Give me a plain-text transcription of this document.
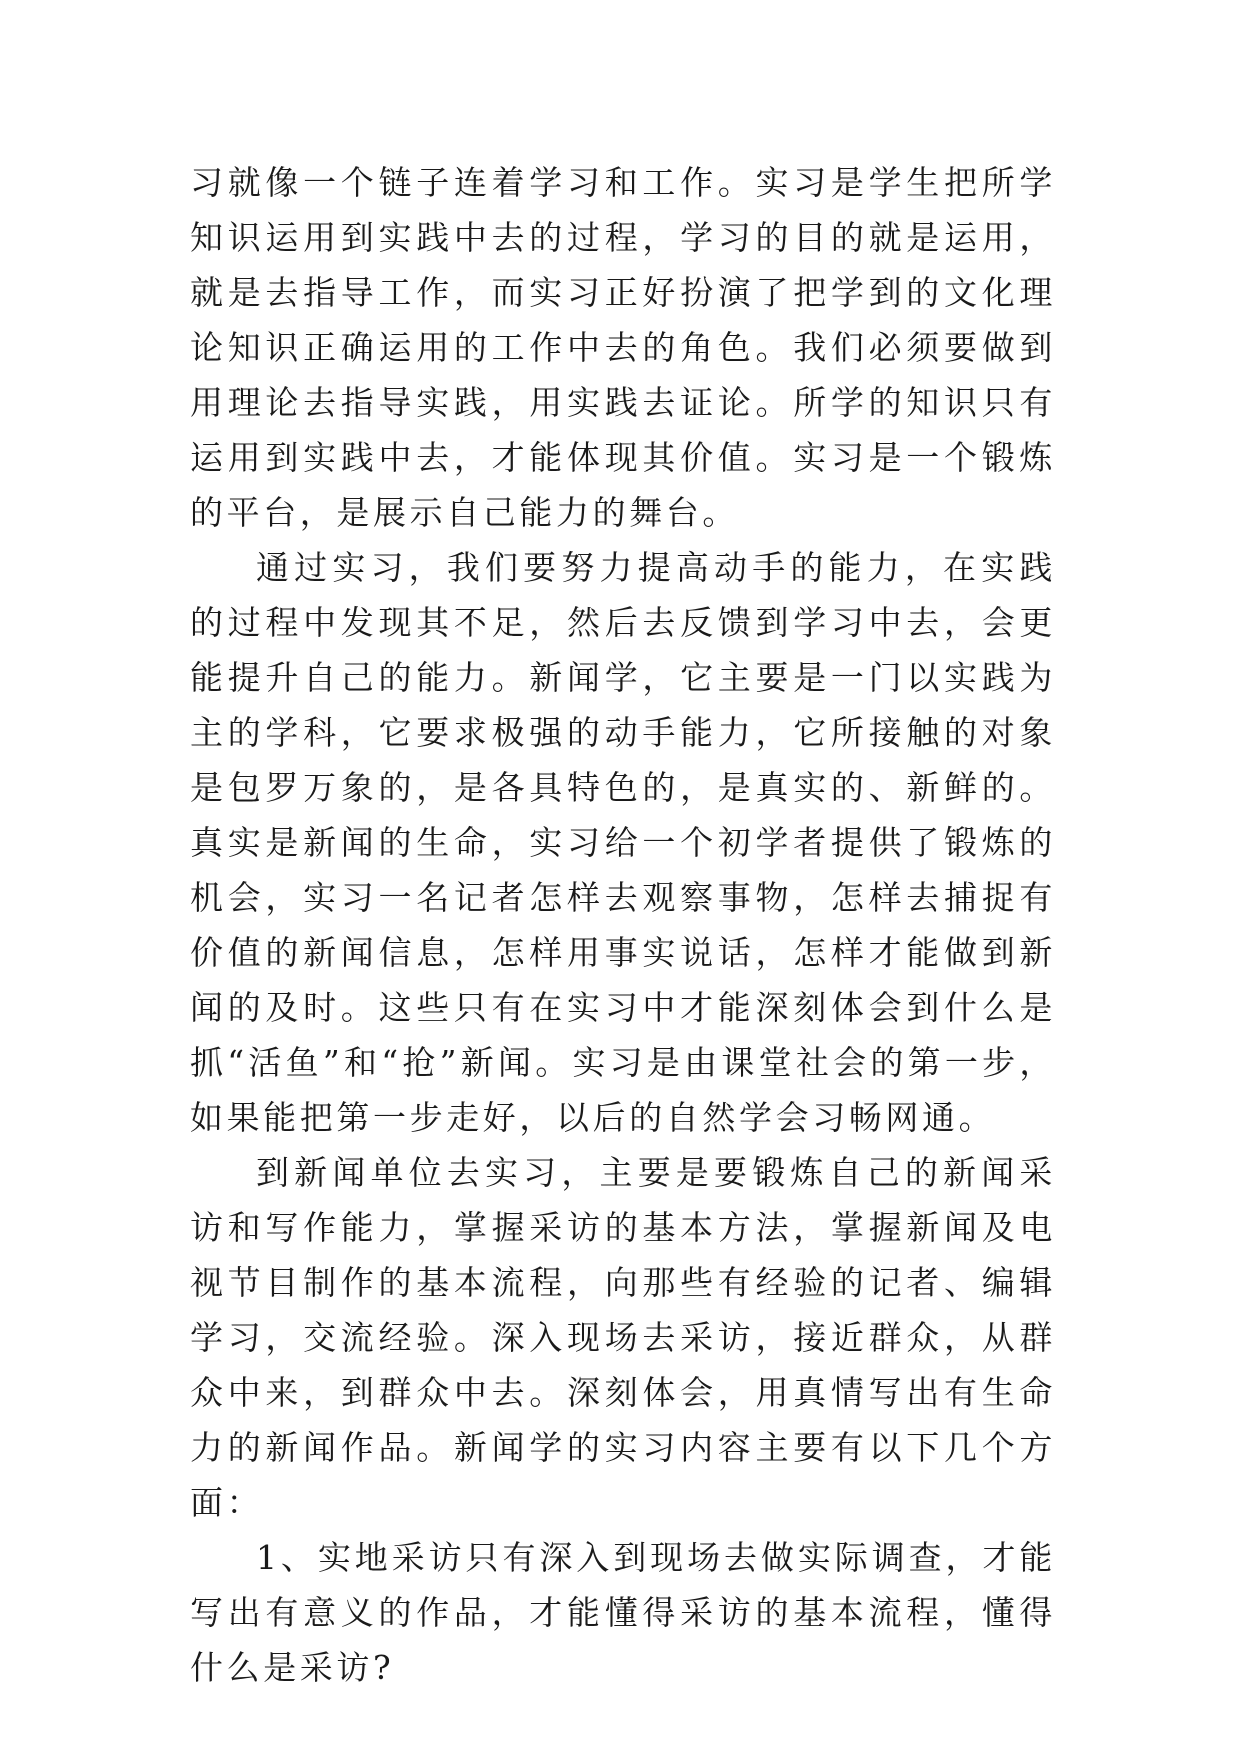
习就像一个链子连着学习和工作。实习是学生把所学知识运用到实践中去的过程，学习的目的就是运用，就是去指导工作，而实习正好扮演了把学到的文化理论知识正确运用的工作中去的角色。我们必须要做到用理论去指导实践，用实践去证论。所学的知识只有运用到实践中去，才能体现其价值。实习是一个锻炼的平台，是展示自己能力的舞台。

通过实习，我们要努力提高动手的能力，在实践的过程中发现其不足，然后去反馈到学习中去，会更能提升自己的能力。新闻学，它主要是一门以实践为主的学科，它要求极强的动手能力，它所接触的对象是包罗万象的，是各具特色的，是真实的、新鲜的。真实是新闻的生命，实习给一个初学者提供了锻炼的机会，实习一名记者怎样去观察事物，怎样去捕捉有价值的新闻信息，怎样用事实说话，怎样才能做到新闻的及时。这些只有在实习中才能深刻体会到什么是抓“活鱼”和“抢”新闻。实习是由课堂社会的第一步，如果能把第一步走好，以后的自然学会习畅网通。

到新闻单位去实习，主要是要锻炼自己的新闻采访和写作能力，掌握采访的基本方法，掌握新闻及电视节目制作的基本流程，向那些有经验的记者、编辑学习，交流经验。深入现场去采访，接近群众，从群众中来，到群众中去。深刻体会，用真情写出有生命力的新闻作品。新闻学的实习内容主要有以下几个方面：

1、实地采访只有深入到现场去做实际调查，才能写出有意义的作品，才能懂得采访的基本流程，懂得什么是采访?
